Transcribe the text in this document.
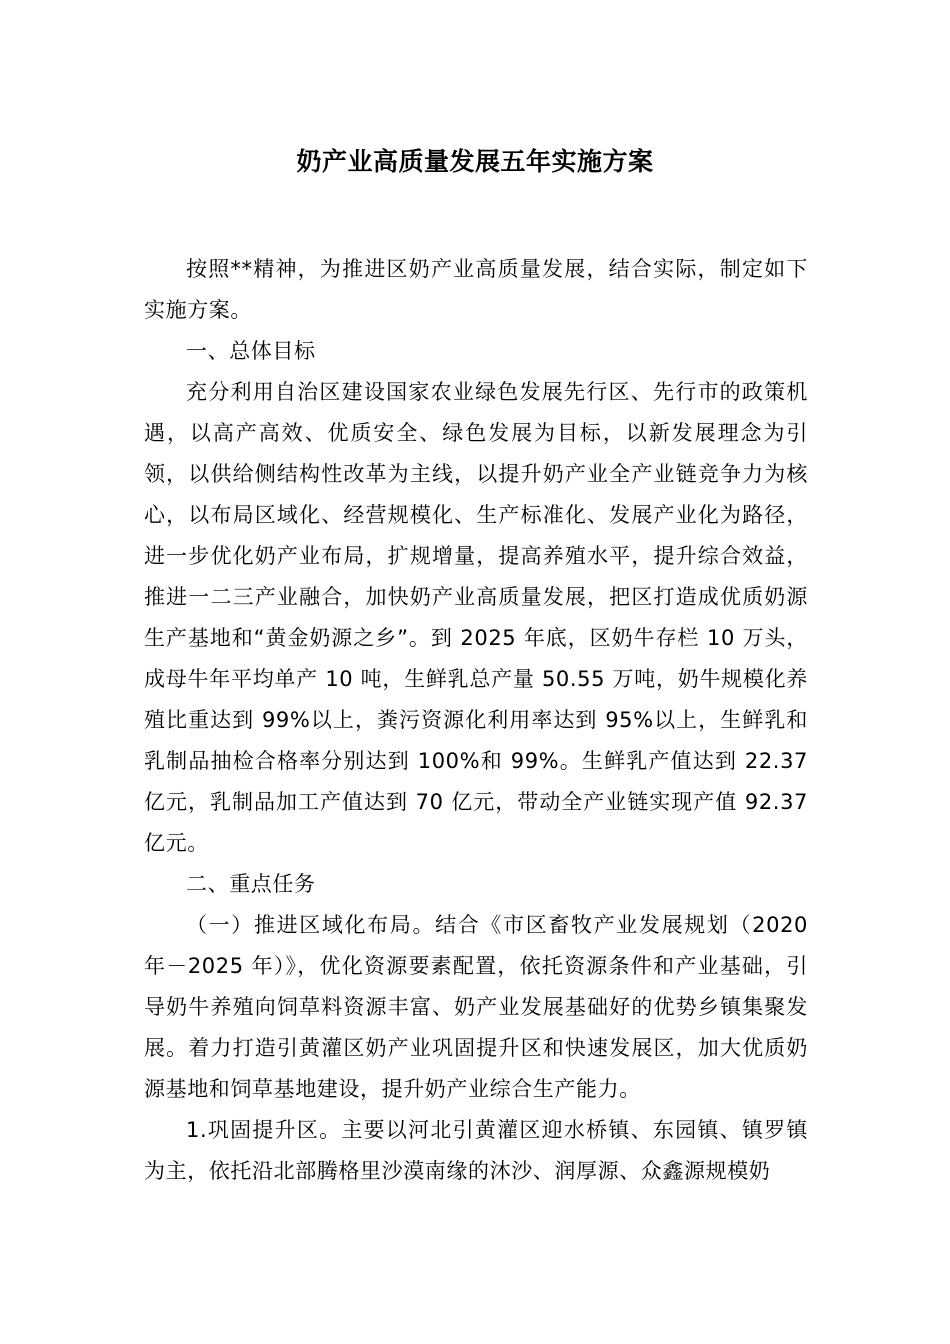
奶产业高质量发展五年实施方案

按照**精神，为推进区奶产业高质量发展，结合实际，制定如下实施方案。

一、总体目标

充分利用自治区建设国家农业绿色发展先行区、先行市的政策机遇，以高产高效、优质安全、绿色发展为目标，以新发展理念为引领，以供给侧结构性改革为主线，以提升奶产业全产业链竞争力为核心，以布局区域化、经营规模化、生产标准化、发展产业化为路径，进一步优化奶产业布局，扩规增量，提高养殖水平，提升综合效益，推进一二三产业融合，加快奶产业高质量发展，把区打造成优质奶源生产基地和“黄金奶源之乡”。到 2025 年底，区奶牛存栏 10 万头，成母牛年平均单产 10 吨，生鲜乳总产量 50.55 万吨，奶牛规模化养殖比重达到 99%以上，粪污资源化利用率达到 95%以上，生鲜乳和乳制品抽检合格率分别达到 100%和 99%。生鲜乳产值达到 22.37 亿元，乳制品加工产值达到 70 亿元，带动全产业链实现产值 92.37 亿元。

二、重点任务

（一）推进区域化布局。结合《市区畜牧产业发展规划（2020 年－2025 年）》，优化资源要素配置，依托资源条件和产业基础，引导奶牛养殖向饲草料资源丰富、奶产业发展基础好的优势乡镇集聚发展。着力打造引黄灌区奶产业巩固提升区和快速发展区，加大优质奶源基地和饲草基地建设，提升奶产业综合生产能力。

1.巩固提升区。主要以河北引黄灌区迎水桥镇、东园镇、镇罗镇为主，依托沿北部腾格里沙漠南缘的沐沙、润厚源、众鑫源规模奶
